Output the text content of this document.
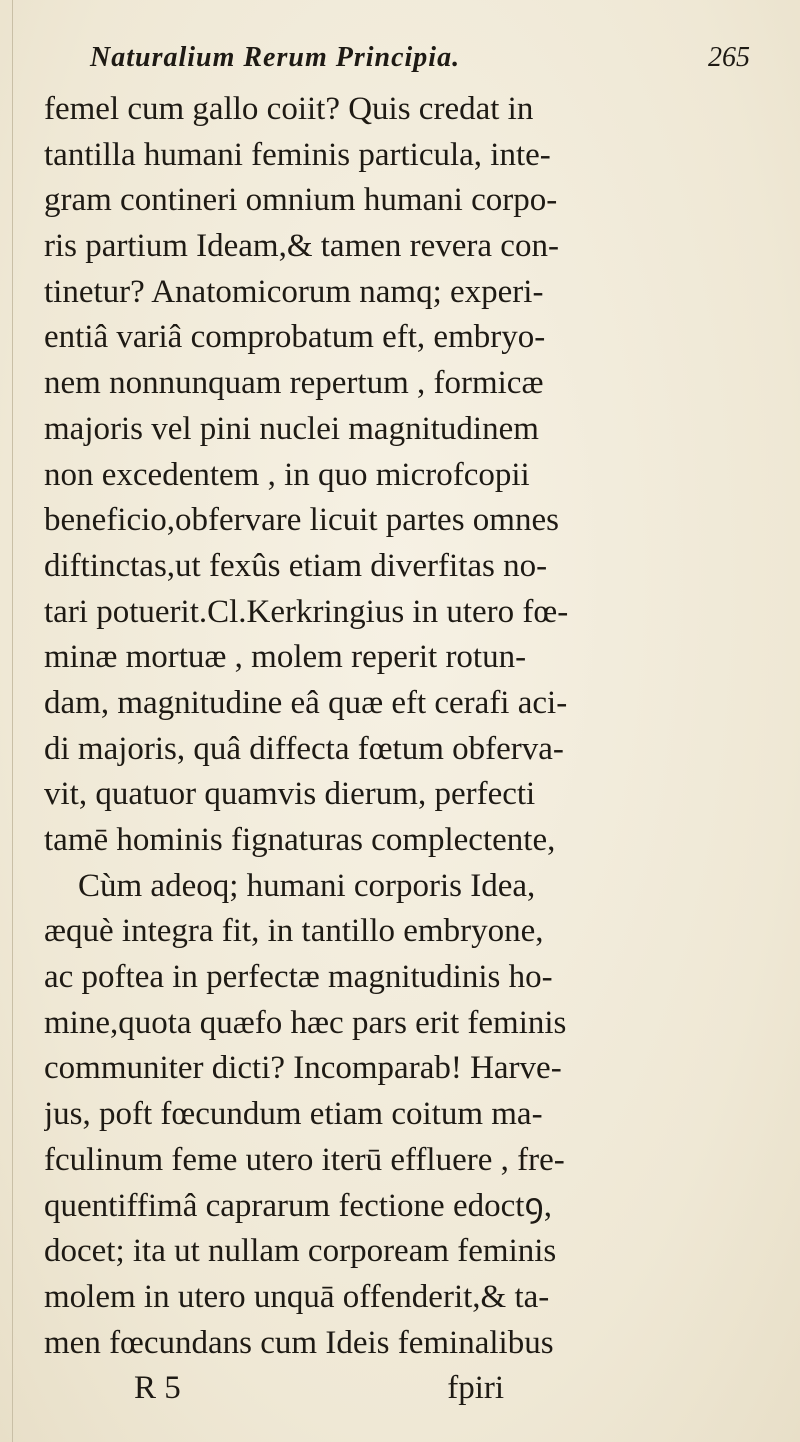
Naturalium Rerum Principia.	265
femel cum gallo coiit? Quis credat in
tantilla humani feminis particula, inte-
gram contineri omnium humani corpo-
ris partium Ideam,& tamen revera con-
tinetur? Anatomicorum namq; experi-
entiâ variâ comprobatum eft, embryo-
nem nonnunquam repertum , formicæ
majoris vel pini nuclei magnitudinem
non excedentem , in quo microfcopii
beneficio,obfervare licuit partes omnes
diftinctas,ut fexûs etiam diverfitas no-
tari potuerit.Cl.Kerkringius in utero fœ-
minæ mortuæ , molem reperit rotun-
dam, magnitudine eâ quæ eft cerafi aci-
di majoris, quâ diffecta fœtum obferva-
vit, quatuor quamvis dierum, perfecti
tamē hominis fignaturas complectente,
Cùm adeoq; humani corporis Idea,
æquè integra fit, in tantillo embryone,
ac poftea in perfectæ magnitudinis ho-
mine,quota quæfo hæc pars erit feminis
communiter dicti? Incomparab! Harve-
jus, poft fœcundum etiam coitum ma-
fculinum feme utero iterū effluere , fre-
quentiffimâ caprarum fectione edoctꝯ,
docet; ita ut nullam corpoream feminis
molem in utero unquā offenderit,& ta-
men fœcundans cum Ideis feminalibus
R 5	fpiri
